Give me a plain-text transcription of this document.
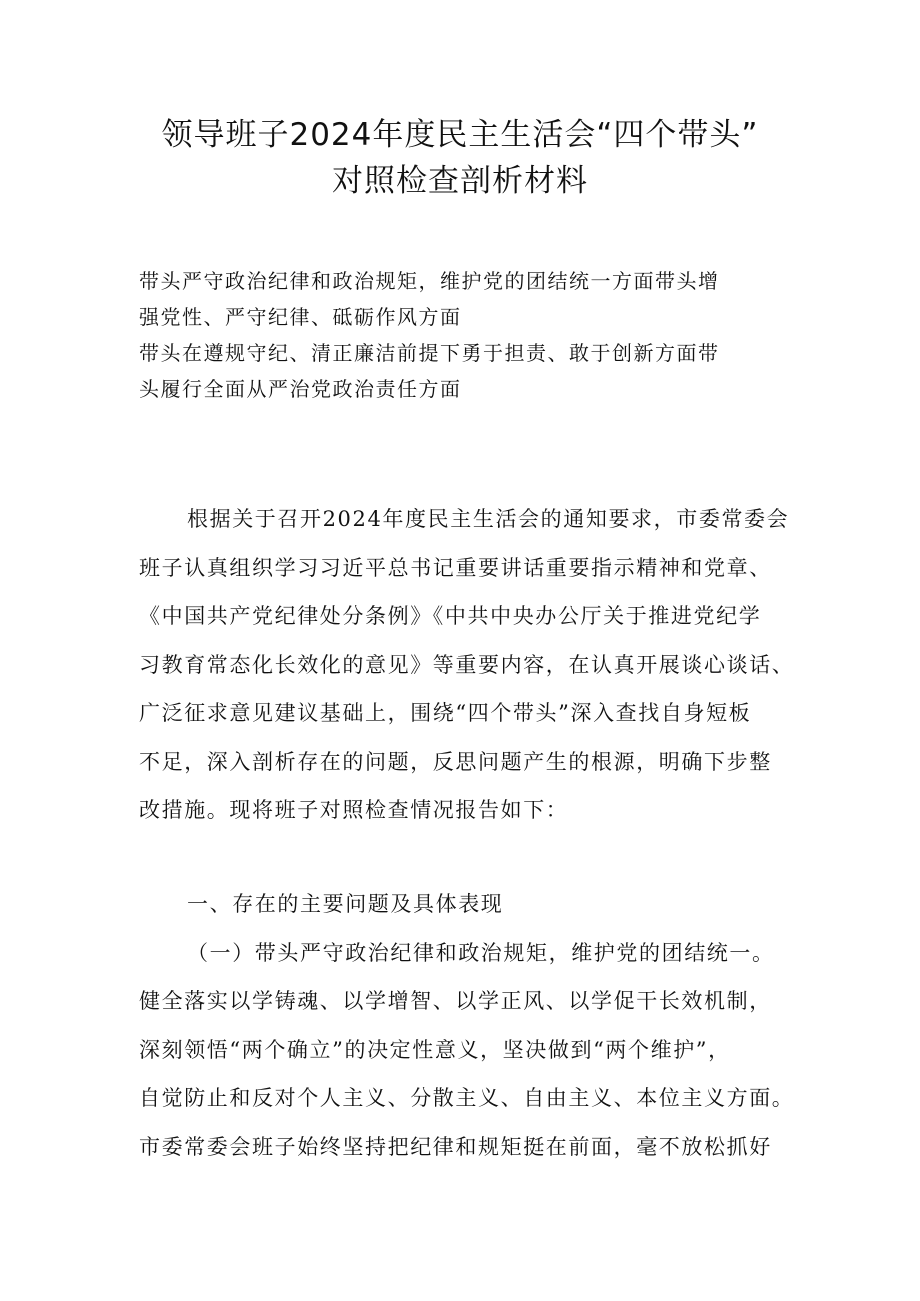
领导班子2024年度民主生活会“四个带头”
对照检查剖析材料
带头严守政治纪律和政治规矩，维护党的团结统一方面带头增
强党性、严守纪律、砥砺作风方面
带头在遵规守纪、清正廉洁前提下勇于担责、敢于创新方面带
头履行全面从严治党政治责任方面
根据关于召开2024年度民主生活会的通知要求，市委常委会
班子认真组织学习习近平总书记重要讲话重要指示精神和党章、
《中国共产党纪律处分条例》《中共中央办公厅关于推进党纪学
习教育常态化长效化的意见》等重要内容，在认真开展谈心谈话、
广泛征求意见建议基础上，围绕“四个带头”深入查找自身短板
不足，深入剖析存在的问题，反思问题产生的根源，明确下步整
改措施。现将班子对照检查情况报告如下：
一、存在的主要问题及具体表现
（一）带头严守政治纪律和政治规矩，维护党的团结统一。
健全落实以学铸魂、以学增智、以学正风、以学促干长效机制，
深刻领悟“两个确立”的决定性意义，坚决做到“两个维护”，
自觉防止和反对个人主义、分散主义、自由主义、本位主义方面。
市委常委会班子始终坚持把纪律和规矩挺在前面，毫不放松抓好
